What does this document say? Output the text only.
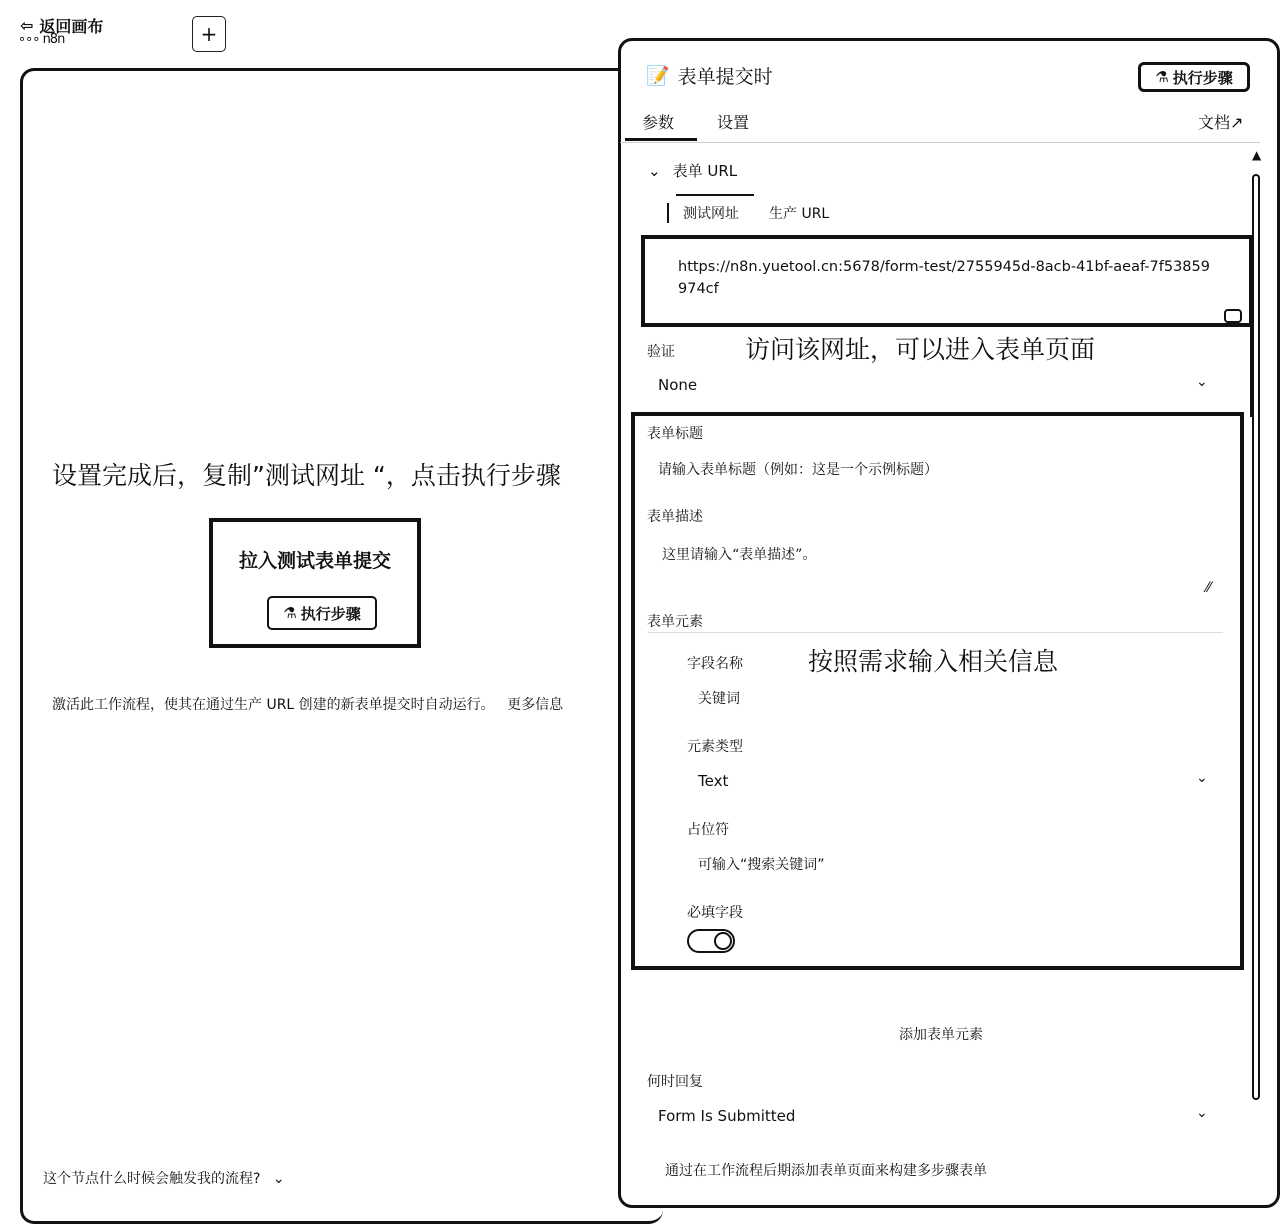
⇦ 返回画布
∘∘∘ n8n	+
设置完成后，复制”测试网址 “，点击执行步骤
拉入测试表单提交
⚗ 执行步骤
激活此工作流程，使其在通过生产 URL 创建的新表单提交时自动运行。 更多信息
这个节点什么时候会触发我的流程? ⌄
📝 表单提交时	⚗ 执行步骤
参数	设置	文档↗
▲
⌄ 表单 URL
测试网址 生产 URL
https://n8n.yuetool.cn:5678/form-test/2755945d-8acb-41bf-aeaf-7f53859974cf
验证	访问该网址，可以进入表单页面
None	⌄
表单标题
请输入表单标题（例如：这是一个示例标题）
表单描述
这里请输入“表单描述”。
⁄⁄
表单元素
字段名称	按照需求输入相关信息
关键词
元素类型
Text	⌄
占位符
可输入“搜索关键词”
必填字段
添加表单元素
何时回复
Form Is Submitted	⌄
通过在工作流程后期添加表单页面来构建多步骤表单
